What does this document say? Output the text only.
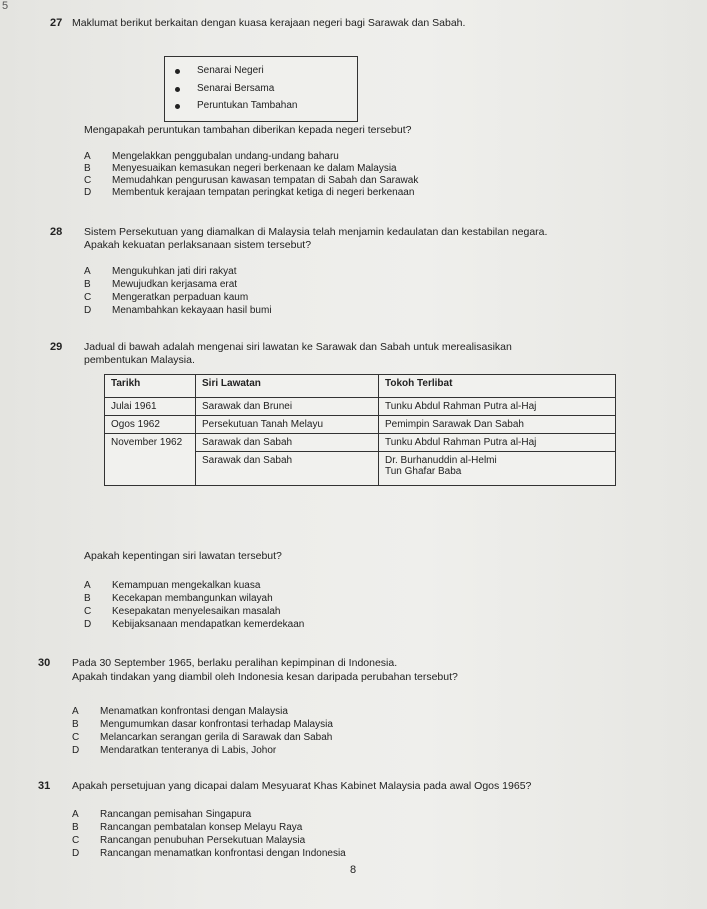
5
27 Maklumat berikut berkaitan dengan kuasa kerajaan negeri bagi Sarawak dan Sabah.
Senarai Negeri
Senarai Bersama
Peruntukan Tambahan
Mengapakah peruntukan tambahan diberikan kepada negeri tersebut?
A Mengelakkan penggubalan undang-undang baharu
B Menyesuaikan kemasukan negeri berkenaan ke dalam Malaysia
C Memudahkan pengurusan kawasan tempatan di Sabah dan Sarawak
D Membentuk kerajaan tempatan peringkat ketiga di negeri berkenaan
28 Sistem Persekutuan yang diamalkan di Malaysia telah menjamin kedaulatan dan kestabilan negara.
Apakah kekuatan perlaksanaan sistem tersebut?
A Mengukuhkan jati diri rakyat
B Mewujudkan kerjasama erat
C Mengeratkan perpaduan kaum
D Menambahkan kekayaan hasil bumi
29 Jadual di bawah adalah mengenai siri lawatan ke Sarawak dan Sabah untuk merealisasikan
pembentukan Malaysia.
Tarikh	Siri Lawatan	Tokoh Terlibat
Julai 1961	Sarawak dan Brunei	Tunku Abdul Rahman Putra al-Haj
Ogos 1962	Persekutuan Tanah Melayu	Pemimpin Sarawak Dan Sabah
November 1962	Sarawak dan Sabah	Tunku Abdul Rahman Putra al-Haj
	Sarawak dan Sabah	Dr. Burhanuddin al-Helmi
Tun Ghafar Baba
Apakah kepentingan siri lawatan tersebut?
A Kemampuan mengekalkan kuasa
B Kecekapan membangunkan wilayah
C Kesepakatan menyelesaikan masalah
D Kebijaksanaan mendapatkan kemerdekaan
30 Pada 30 September 1965, berlaku peralihan kepimpinan di Indonesia.
Apakah tindakan yang diambil oleh Indonesia kesan daripada perubahan tersebut?
A Menamatkan konfrontasi dengan Malaysia
B Mengumumkan dasar konfrontasi terhadap Malaysia
C Melancarkan serangan gerila di Sarawak dan Sabah
D Mendaratkan tenteranya di Labis, Johor
31 Apakah persetujuan yang dicapai dalam Mesyuarat Khas Kabinet Malaysia pada awal Ogos 1965?
A Rancangan pemisahan Singapura
B Rancangan pembatalan konsep Melayu Raya
C Rancangan penubuhan Persekutuan Malaysia
D Rancangan menamatkan konfrontasi dengan Indonesia
8
